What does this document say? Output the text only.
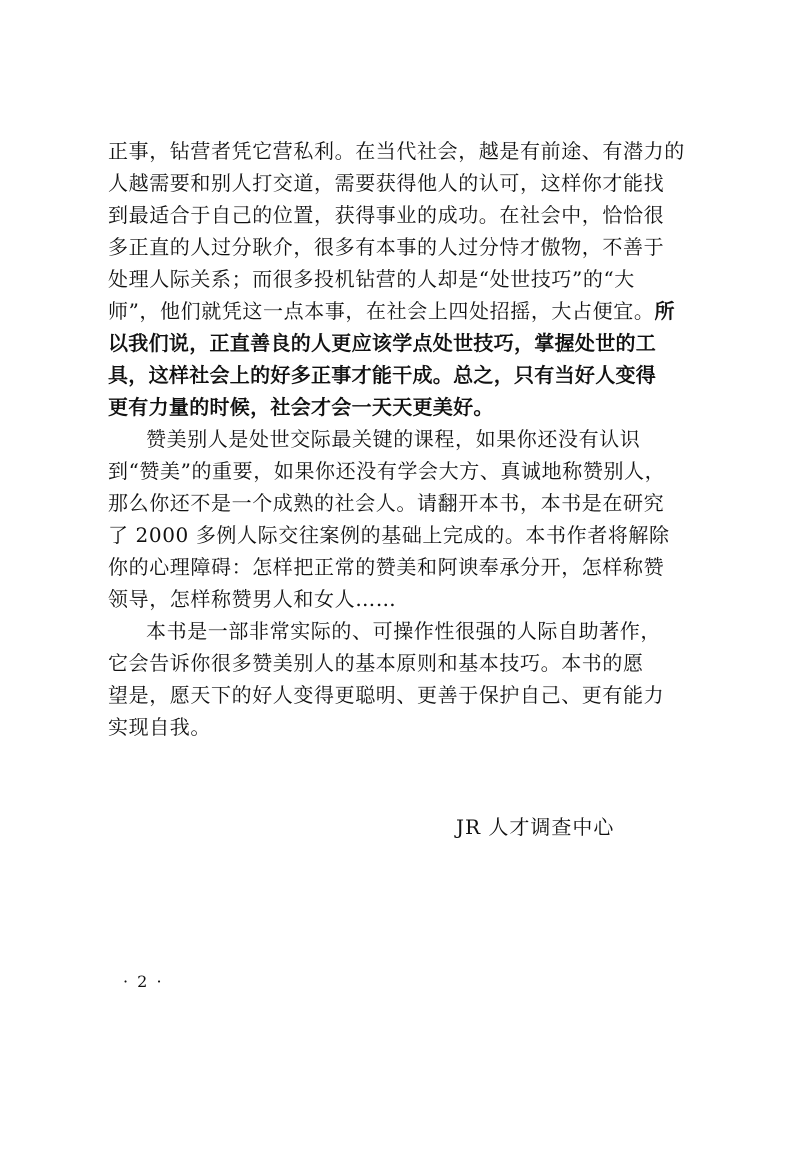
正事，钻营者凭它营私利。在当代社会，越是有前途、有潜力的
人越需要和别人打交道，需要获得他人的认可，这样你才能找
到最适合于自己的位置，获得事业的成功。在社会中，恰恰很
多正直的人过分耿介，很多有本事的人过分恃才傲物，不善于
处理人际关系；而很多投机钻营的人却是“处世技巧”的“大
师”，他们就凭这一点本事，在社会上四处招摇，大占便宜。所
以我们说，正直善良的人更应该学点处世技巧，掌握处世的工
具，这样社会上的好多正事才能干成。总之，只有当好人变得
更有力量的时候，社会才会一天天更美好。
赞美别人是处世交际最关键的课程，如果你还没有认识
到“赞美”的重要，如果你还没有学会大方、真诚地称赞别人，
那么你还不是一个成熟的社会人。请翻开本书，本书是在研究
了 2000 多例人际交往案例的基础上完成的。本书作者将解除
你的心理障碍：怎样把正常的赞美和阿谀奉承分开，怎样称赞
领导，怎样称赞男人和女人……
本书是一部非常实际的、可操作性很强的人际自助著作，
它会告诉你很多赞美别人的基本原则和基本技巧。本书的愿
望是，愿天下的好人变得更聪明、更善于保护自己、更有能力
实现自我。
JR 人才调查中心
· 2 ·
